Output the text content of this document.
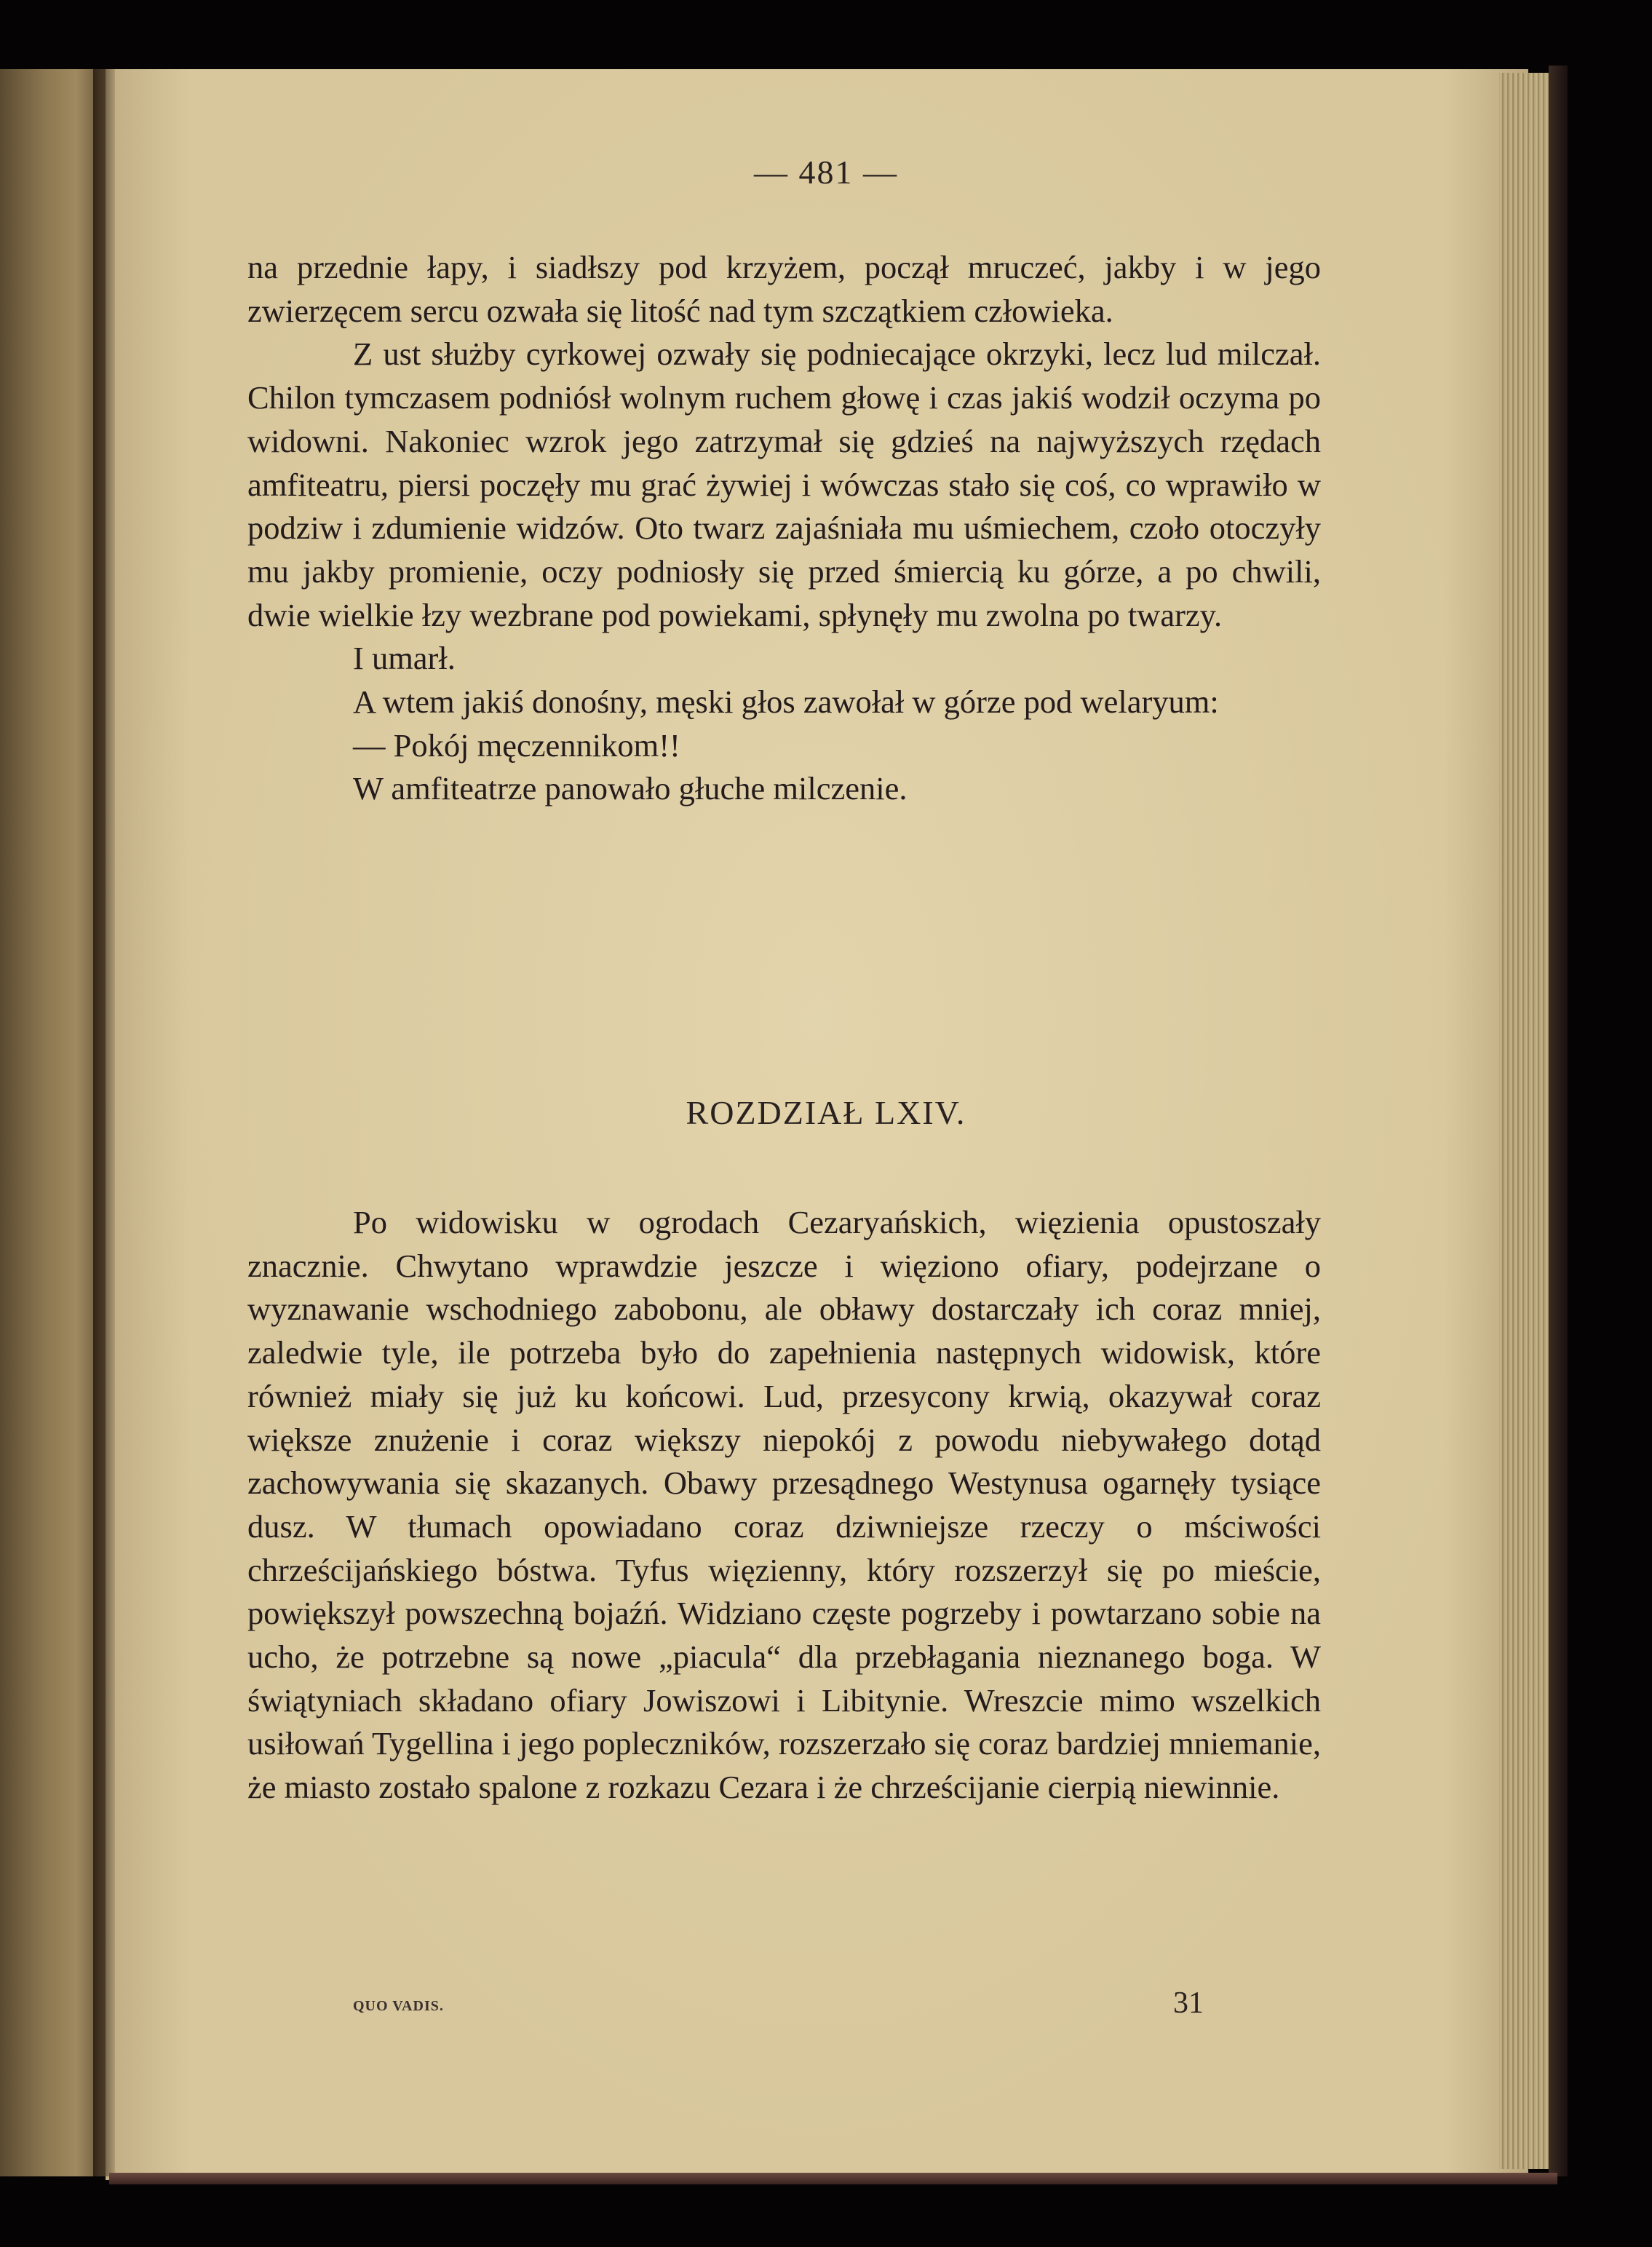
— 481 —

na przednie łapy, i siadłszy pod krzyżem, począł mruczeć, jakby i w jego zwierzęcem sercu ozwała się litość nad tym szczątkiem człowieka.

Z ust służby cyrkowej ozwały się podniecające okrzyki, lecz lud milczał. Chilon tymczasem podniósł wolnym ruchem głowę i czas jakiś wodził oczyma po widowni. Nakoniec wzrok jego zatrzymał się gdzieś na najwyższych rzędach amfiteatru, piersi poczęły mu grać żywiej i wówczas stało się coś, co wprawiło w podziw i zdumienie widzów. Oto twarz zajaśniała mu uśmiechem, czoło otoczyły mu jakby promienie, oczy podniosły się przed śmiercią ku górze, a po chwili, dwie wielkie łzy wezbrane pod powiekami, spłynęły mu zwolna po twarzy.

I umarł.

A wtem jakiś donośny, męski głos zawołał w górze pod welaryum:

— Pokój męczennikom!!

W amfiteatrze panowało głuche milczenie.

ROZDZIAŁ LXIV.

Po widowisku w ogrodach Cezaryańskich, więzienia opustoszały znacznie. Chwytano wprawdzie jeszcze i więziono ofiary, podejrzane o wyznawanie wschodniego zabobonu, ale obławy dostarczały ich coraz mniej, zaledwie tyle, ile potrzeba było do zapełnienia następnych widowisk, które również miały się już ku końcowi. Lud, przesycony krwią, okazywał coraz większe znużenie i coraz większy niepokój z powodu niebywałego dotąd zachowywania się skazanych. Obawy przesądnego Westynusa ogarnęły tysiące dusz. W tłumach opowiadano coraz dziwniejsze rzeczy o mściwości chrześcijańskiego bóstwa. Tyfus więzienny, który rozszerzył się po mieście, powiększył powszechną bojaźń. Widziano częste pogrzeby i powtarzano sobie na ucho, że potrzebne są nowe „piacula“ dla przebłagania nieznanego boga. W świątyniach składano ofiary Jowiszowi i Libitynie. Wreszcie mimo wszelkich usiłowań Tygellina i jego popleczników, rozszerzało się coraz bardziej mniemanie, że miasto zostało spalone z rozkazu Cezara i że chrześcijanie cierpią niewinnie.

QUO VADIS.	31
